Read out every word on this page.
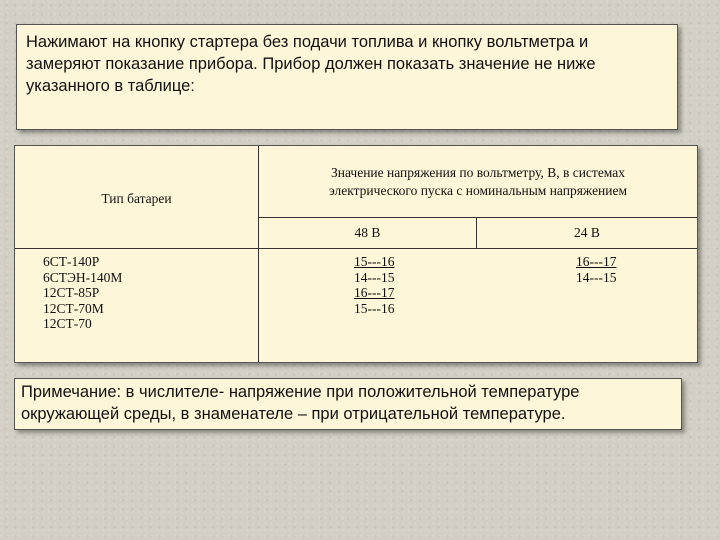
Нажимают на кнопку стартера без подачи топлива и кнопку вольтметра и
замеряют показание прибора. Прибор должен показать значение не ниже
указанного в таблице:

Тип батареи
Значение напряжения по вольтметру, В, в системах
электрического пуска с номинальным напряжением
48 В	24 В
6СТ-140Р
6СТЭН-140М
12СТ-85Р
12СТ-70М
12СТ-70
15---16
14---15
16---17
15---16
16---17
14---15

Примечание: в числителе- напряжение при положительной температуре
окружающей среды, в знаменателе – при отрицательной температуре.
